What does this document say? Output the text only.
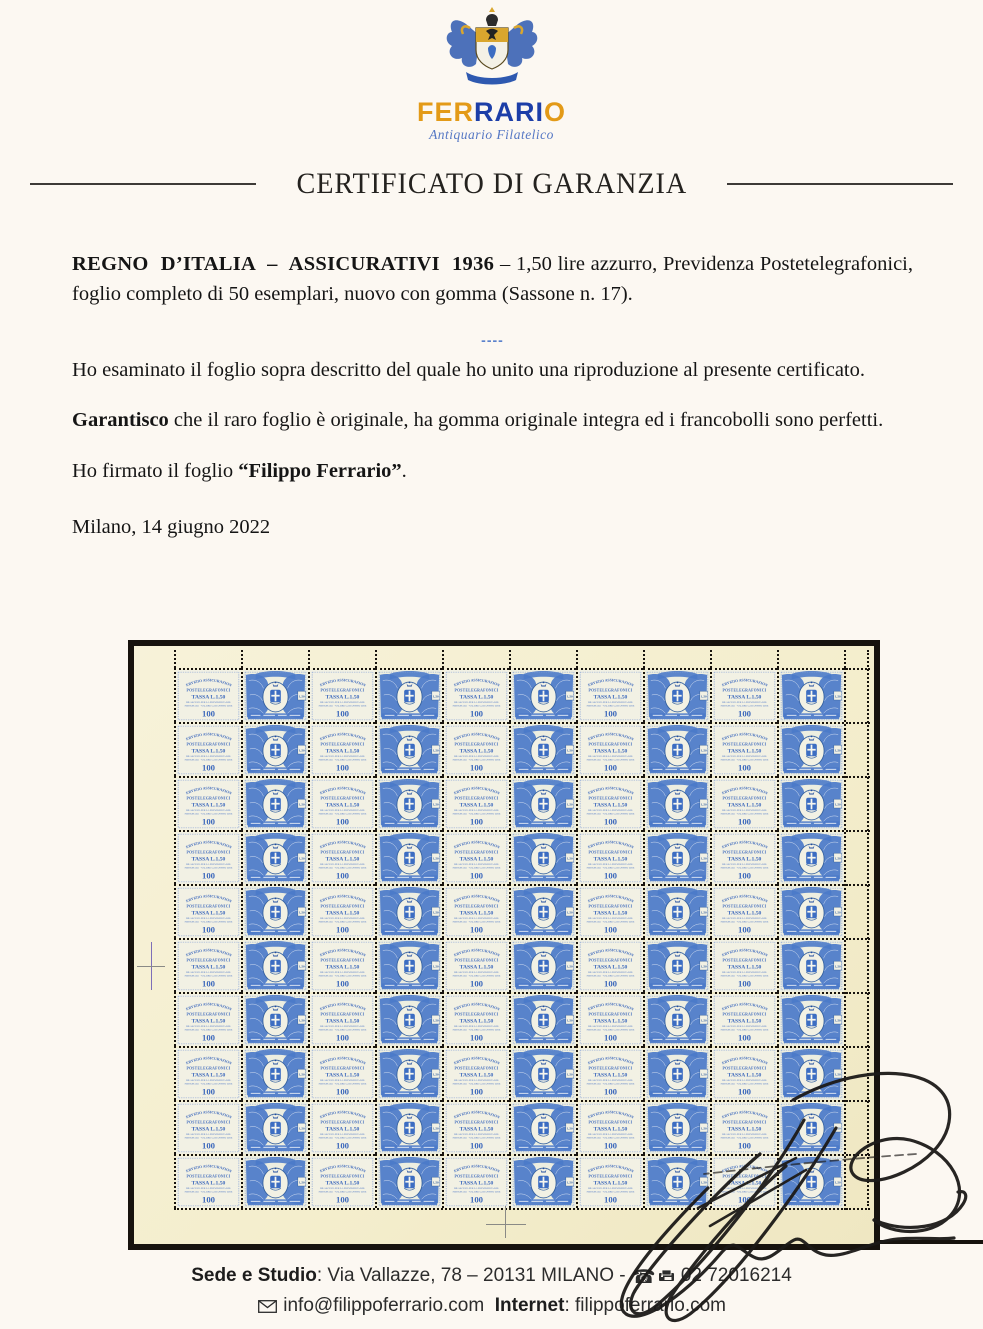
FERRARIO
Antiquario Filatelico
CERTIFICATO DI GARANZIA

REGNO D’ITALIA – ASSICURATIVI 1936 – 1,50 lire azzurro, Previdenza Postetelegrafonici, foglio completo di 50 esemplari, nuovo con gomma (Sassone n. 17).

----

Ho esaminato il foglio sopra descritto del quale ho unito una riproduzione al presente certificato.

Garantisco che il raro foglio è originale, ha gomma originale integra ed i francobolli sono perfetti.

Ho firmato il foglio “Filippo Ferrario”.

Milano, 14 giugno 2022

Sede e Studio: Via Vallazze, 78 – 20131 MILANO - ☎ 02 72016214
info@filippoferrario.com Internet: filippoferrario.com
